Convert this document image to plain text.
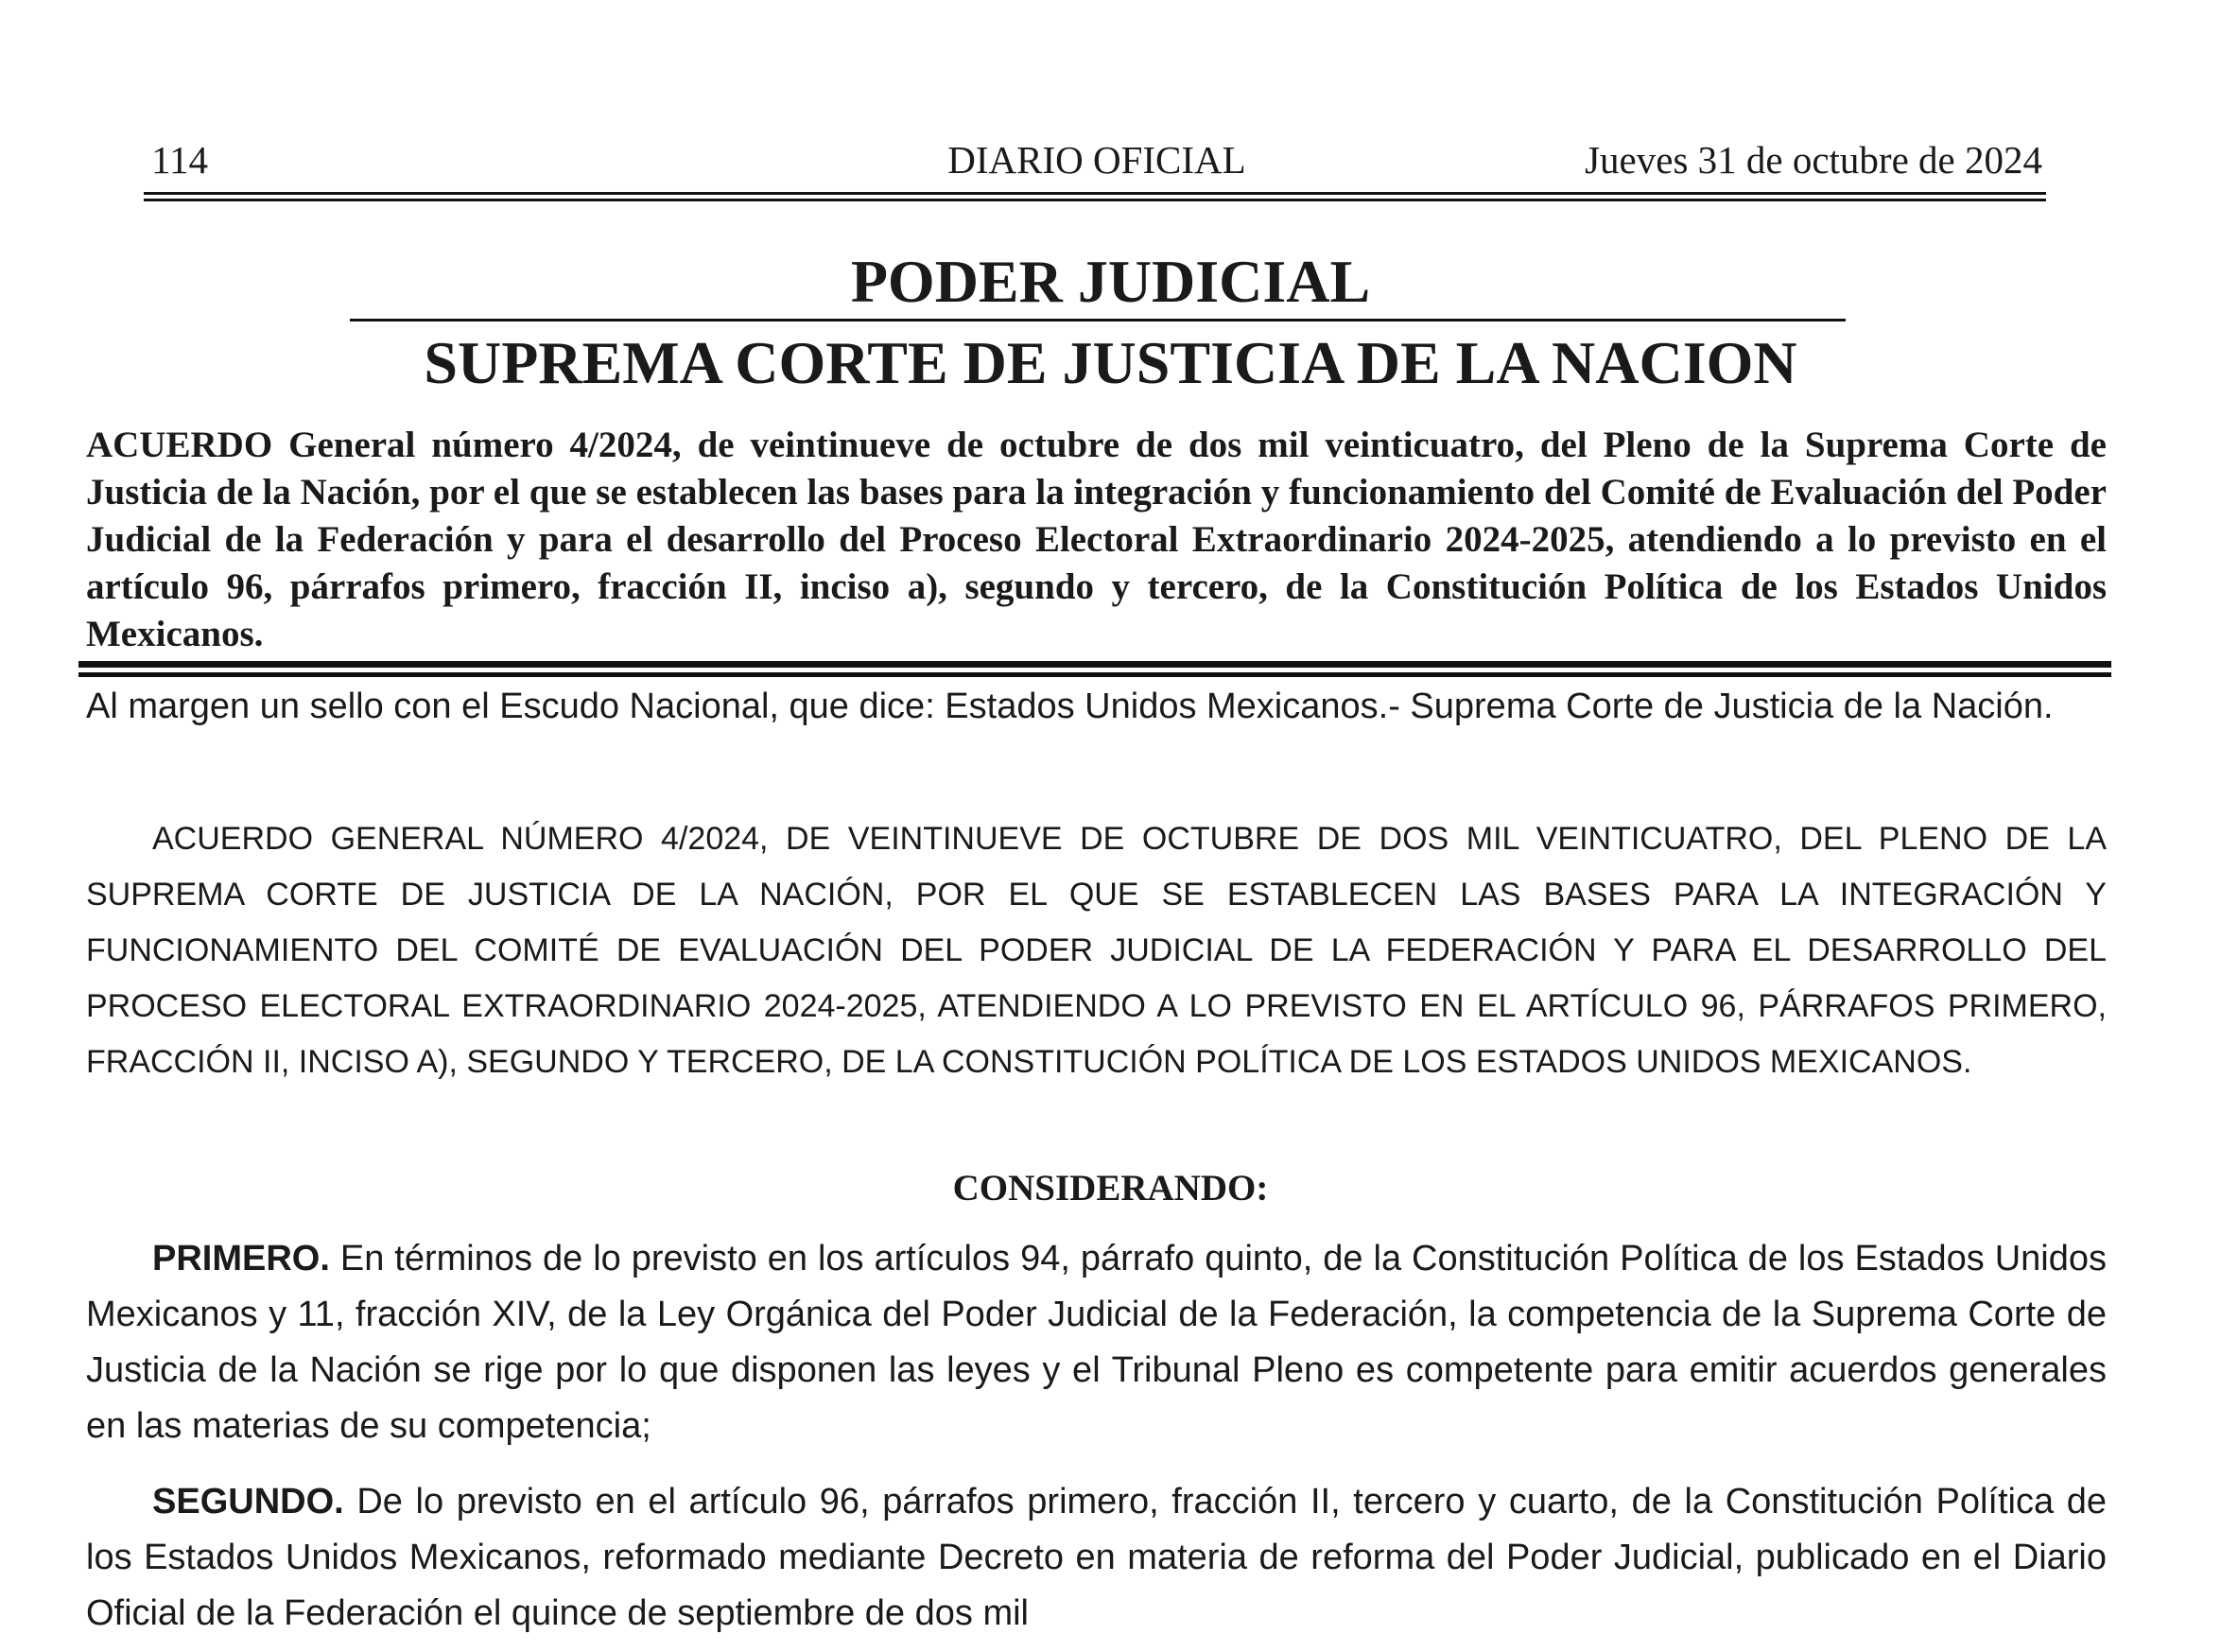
114	DIARIO OFICIAL	Jueves 31 de octubre de 2024
PODER JUDICIAL
SUPREMA CORTE DE JUSTICIA DE LA NACION
ACUERDO General número 4/2024, de veintinueve de octubre de dos mil veinticuatro, del Pleno de la Suprema Corte de Justicia de la Nación, por el que se establecen las bases para la integración y funcionamiento del Comité de Evaluación del Poder Judicial de la Federación y para el desarrollo del Proceso Electoral Extraordinario 2024-2025, atendiendo a lo previsto en el artículo 96, párrafos primero, fracción II, inciso a), segundo y tercero, de la Constitución Política de los Estados Unidos Mexicanos.
Al margen un sello con el Escudo Nacional, que dice: Estados Unidos Mexicanos.- Suprema Corte de Justicia de la Nación.
ACUERDO GENERAL NÚMERO 4/2024, DE VEINTINUEVE DE OCTUBRE DE DOS MIL VEINTICUATRO, DEL PLENO DE LA SUPREMA CORTE DE JUSTICIA DE LA NACIÓN, POR EL QUE SE ESTABLECEN LAS BASES PARA LA INTEGRACIÓN Y FUNCIONAMIENTO DEL COMITÉ DE EVALUACIÓN DEL PODER JUDICIAL DE LA FEDERACIÓN Y PARA EL DESARROLLO DEL PROCESO ELECTORAL EXTRAORDINARIO 2024-2025, ATENDIENDO A LO PREVISTO EN EL ARTÍCULO 96, PÁRRAFOS PRIMERO, FRACCIÓN II, INCISO A), SEGUNDO Y TERCERO, DE LA CONSTITUCIÓN POLÍTICA DE LOS ESTADOS UNIDOS MEXICANOS.
CONSIDERANDO:
PRIMERO. En términos de lo previsto en los artículos 94, párrafo quinto, de la Constitución Política de los Estados Unidos Mexicanos y 11, fracción XIV, de la Ley Orgánica del Poder Judicial de la Federación, la competencia de la Suprema Corte de Justicia de la Nación se rige por lo que disponen las leyes y el Tribunal Pleno es competente para emitir acuerdos generales en las materias de su competencia;
SEGUNDO. De lo previsto en el artículo 96, párrafos primero, fracción II, tercero y cuarto, de la Constitución Política de los Estados Unidos Mexicanos, reformado mediante Decreto en materia de reforma del Poder Judicial, publicado en el Diario Oficial de la Federación el quince de septiembre de dos mil
